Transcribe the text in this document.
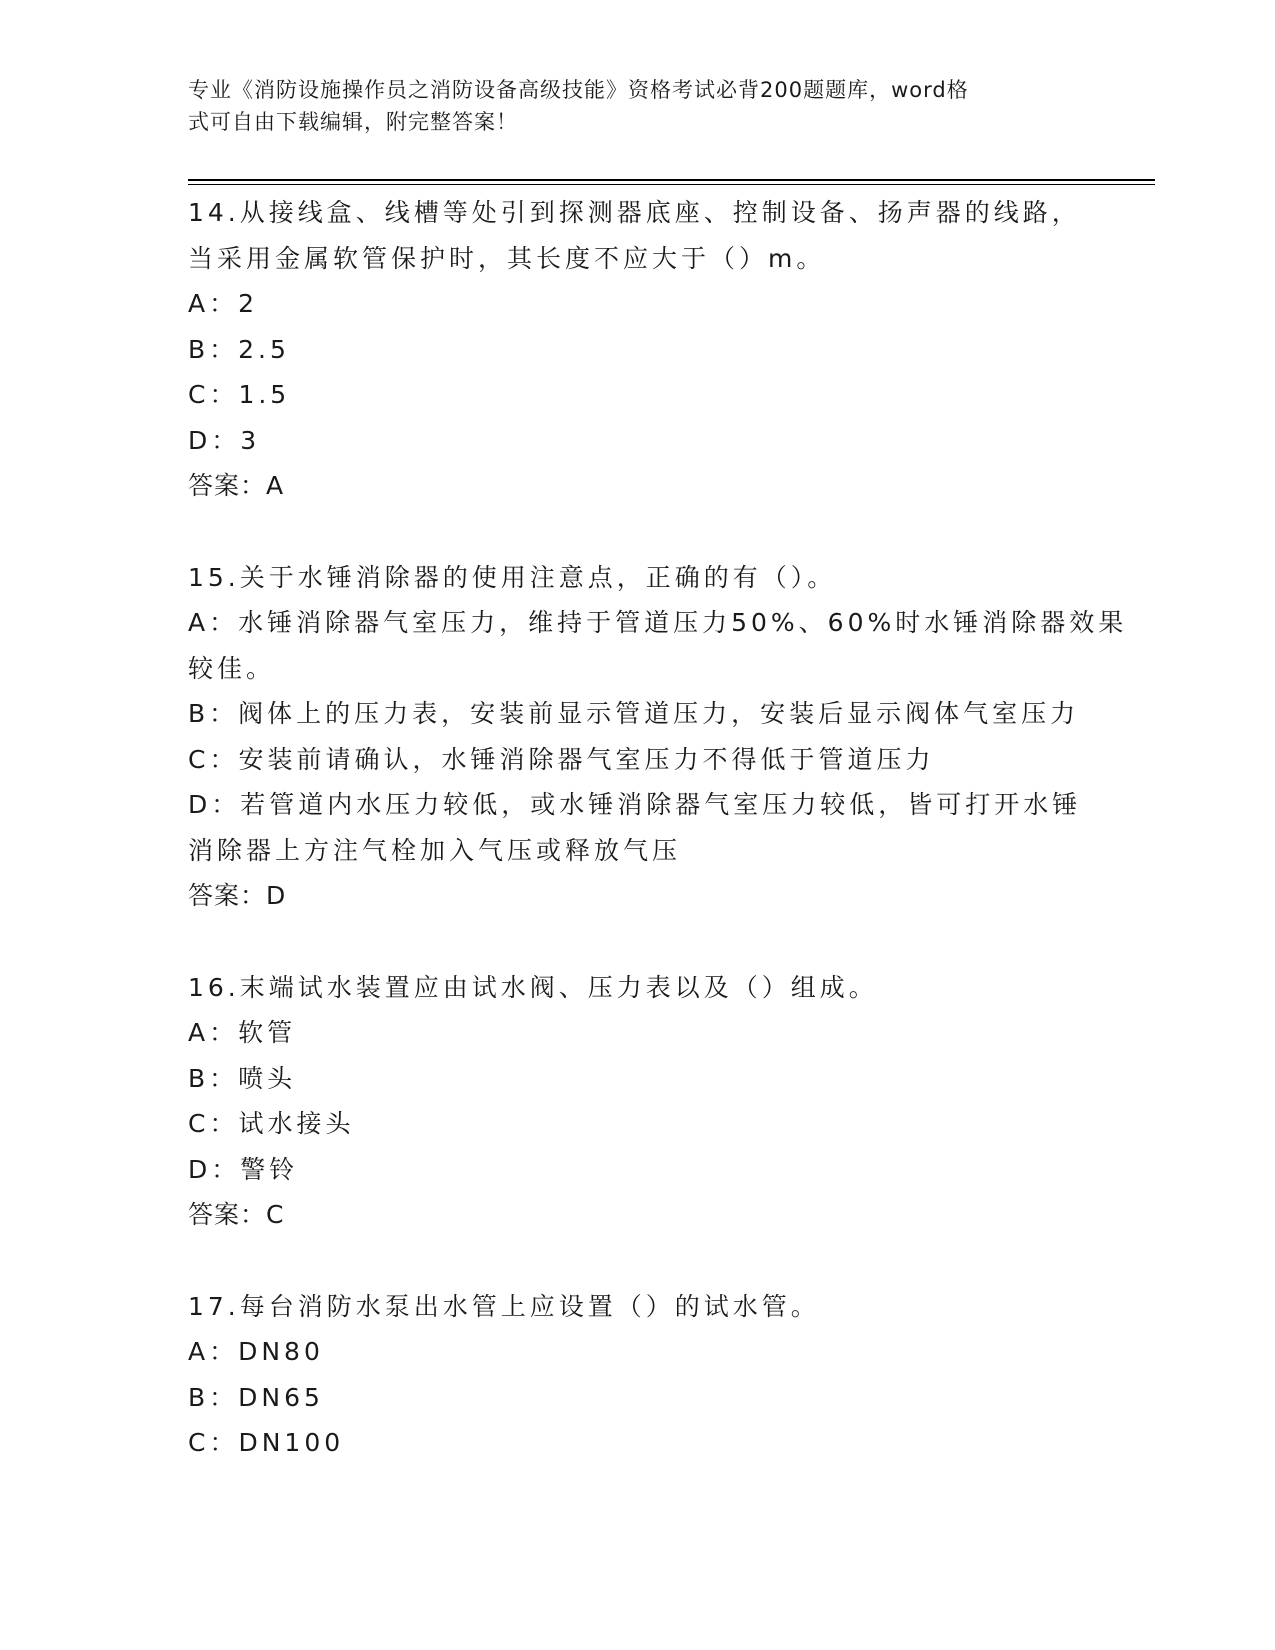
专业《消防设施操作员之消防设备高级技能》资格考试必背200题题库，word格
式可自由下载编辑，附完整答案！
14.从接线盒、线槽等处引到探测器底座、控制设备、扬声器的线路，
当采用金属软管保护时，其长度不应大于（）m。
A：2
B：2.5
C：1.5
D：3
答案：A
15.关于水锤消除器的使用注意点，正确的有（）。
A：水锤消除器气室压力，维持于管道压力50%、60%时水锤消除器效果
较佳。
B：阀体上的压力表，安装前显示管道压力，安装后显示阀体气室压力
C：安装前请确认，水锤消除器气室压力不得低于管道压力
D：若管道内水压力较低，或水锤消除器气室压力较低，皆可打开水锤
消除器上方注气栓加入气压或释放气压
答案：D
16.末端试水装置应由试水阀、压力表以及（）组成。
A：软管
B：喷头
C：试水接头
D：警铃
答案：C
17.每台消防水泵出水管上应设置（）的试水管。
A：DN80
B：DN65
C：DN100
